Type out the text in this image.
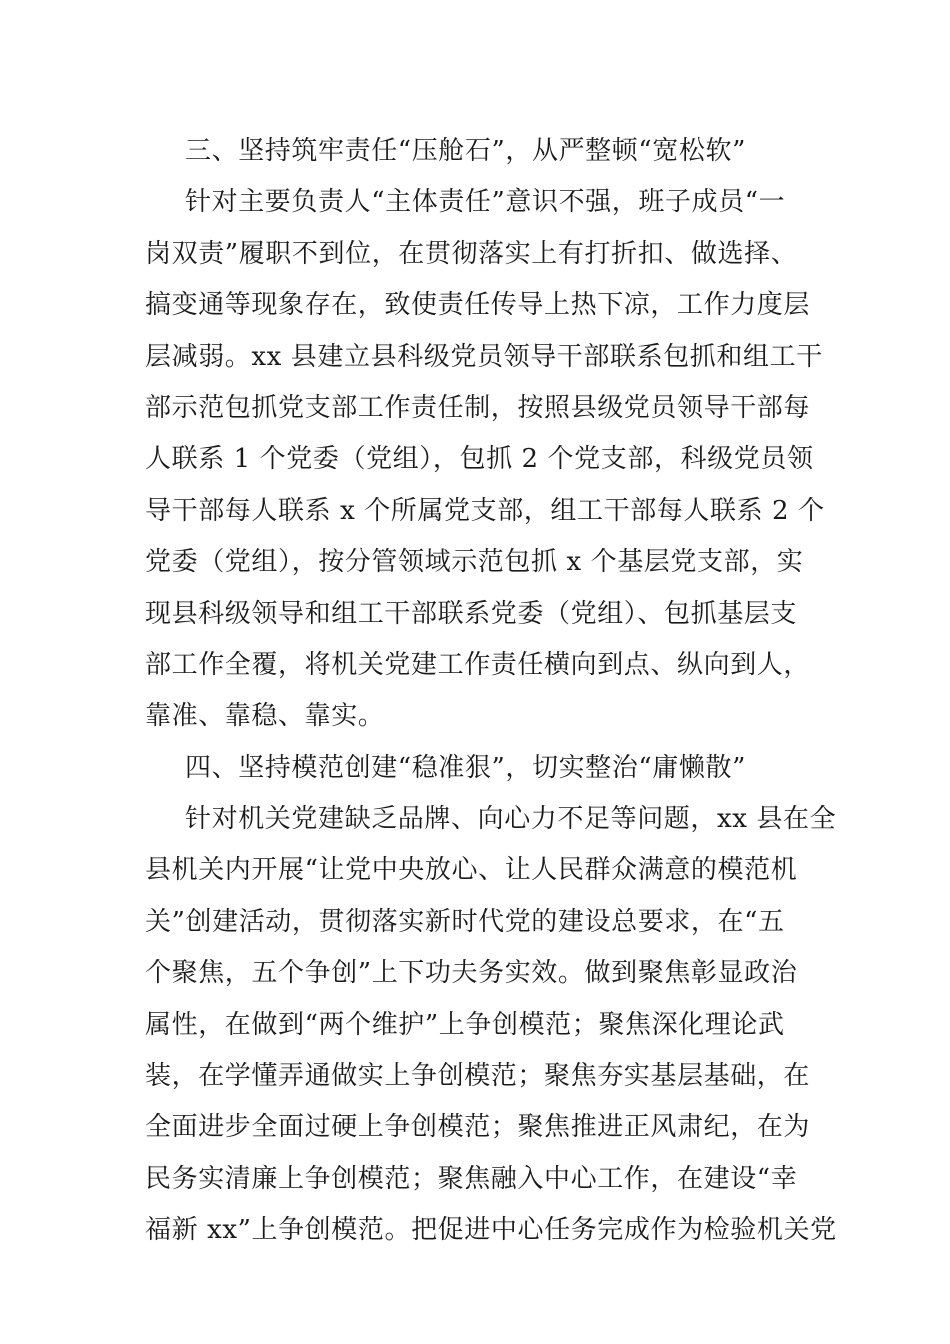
三、坚持筑牢责任“压舱石”，从严整顿“宽松软”
针对主要负责人“主体责任”意识不强，班子成员“一
岗双责”履职不到位，在贯彻落实上有打折扣、做选择、
搞变通等现象存在，致使责任传导上热下凉，工作力度层
层减弱。xx 县建立县科级党员领导干部联系包抓和组工干
部示范包抓党支部工作责任制，按照县级党员领导干部每
人联系 1 个党委（党组），包抓 2 个党支部，科级党员领
导干部每人联系 x 个所属党支部，组工干部每人联系 2 个
党委（党组），按分管领域示范包抓 x 个基层党支部，实
现县科级领导和组工干部联系党委（党组）、包抓基层支
部工作全覆，将机关党建工作责任横向到点、纵向到人，
靠准、靠稳、靠实。
四、坚持模范创建“稳准狠”，切实整治“庸懒散”
针对机关党建缺乏品牌、向心力不足等问题，xx 县在全
县机关内开展“让党中央放心、让人民群众满意的模范机
关”创建活动，贯彻落实新时代党的建设总要求，在“五
个聚焦，五个争创”上下功夫务实效。做到聚焦彰显政治
属性，在做到“两个维护”上争创模范；聚焦深化理论武
装，在学懂弄通做实上争创模范；聚焦夯实基层基础，在
全面进步全面过硬上争创模范；聚焦推进正风肃纪，在为
民务实清廉上争创模范；聚焦融入中心工作，在建设“幸
福新 xx”上争创模范。把促进中心任务完成作为检验机关党
